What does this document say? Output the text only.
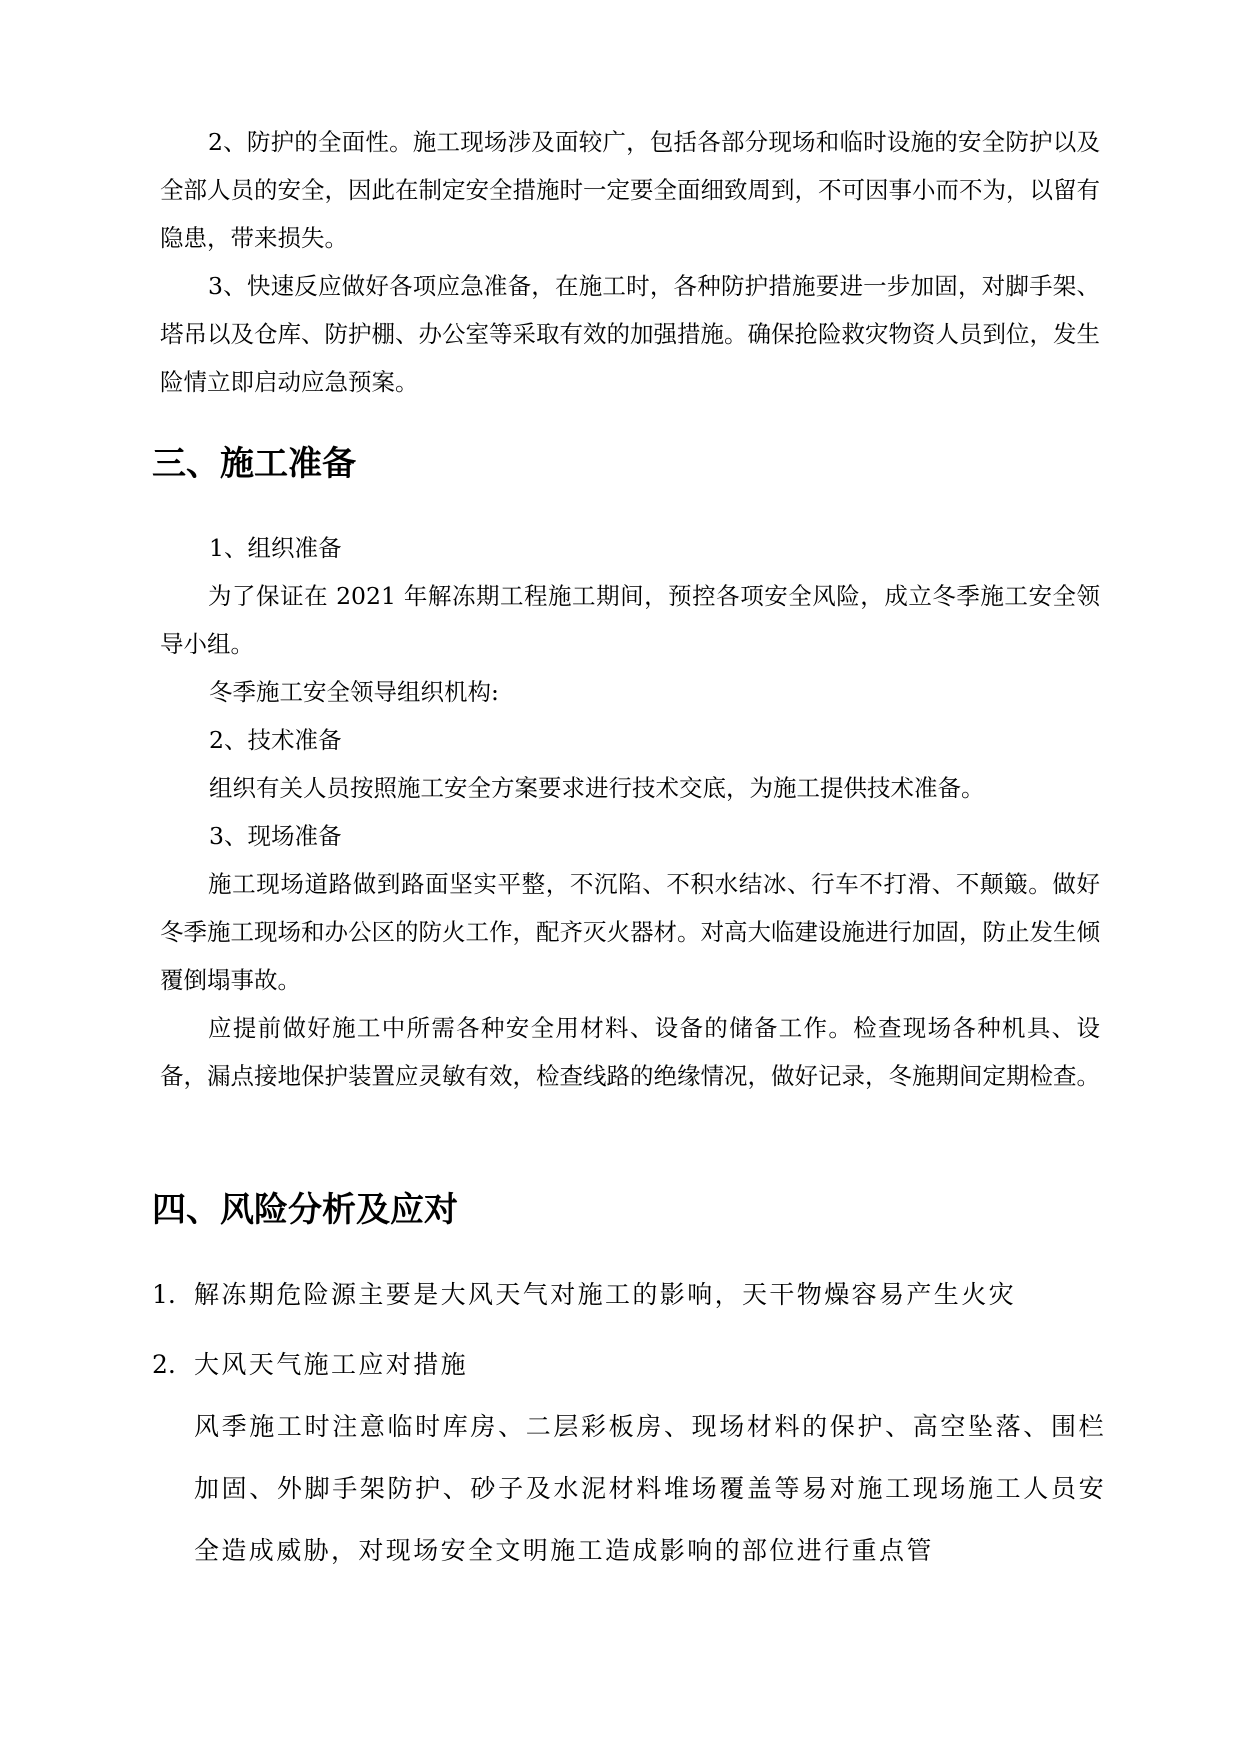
2、防护的全面性。施工现场涉及面较广，包括各部分现场和临时设施的安全防护以及全部人员的安全，因此在制定安全措施时一定要全面细致周到，不可因事小而不为，以留有隐患，带来损失。
3、快速反应做好各项应急准备，在施工时，各种防护措施要进一步加固，对脚手架、塔吊以及仓库、防护棚、办公室等采取有效的加强措施。确保抢险救灾物资人员到位，发生险情立即启动应急预案。
三、施工准备
1、组织准备
为了保证在 2021 年解冻期工程施工期间，预控各项安全风险，成立冬季施工安全领导小组。
冬季施工安全领导组织机构:
2、技术准备
组织有关人员按照施工安全方案要求进行技术交底，为施工提供技术准备。
3、现场准备
施工现场道路做到路面坚实平整，不沉陷、不积水结冰、行车不打滑、不颠簸。做好冬季施工现场和办公区的防火工作，配齐灭火器材。对高大临建设施进行加固，防止发生倾覆倒塌事故。
应提前做好施工中所需各种安全用材料、设备的储备工作。检查现场各种机具、设备，漏点接地保护装置应灵敏有效，检查线路的绝缘情况，做好记录，冬施期间定期检查。
四、风险分析及应对
1. 解冻期危险源主要是大风天气对施工的影响，天干物燥容易产生火灾
2. 大风天气施工应对措施
风季施工时注意临时库房、二层彩板房、现场材料的保护、高空坠落、围栏加固、外脚手架防护、砂子及水泥材料堆场覆盖等易对施工现场施工人员安全造成威胁，对现场安全文明施工造成影响的部位进行重点管
